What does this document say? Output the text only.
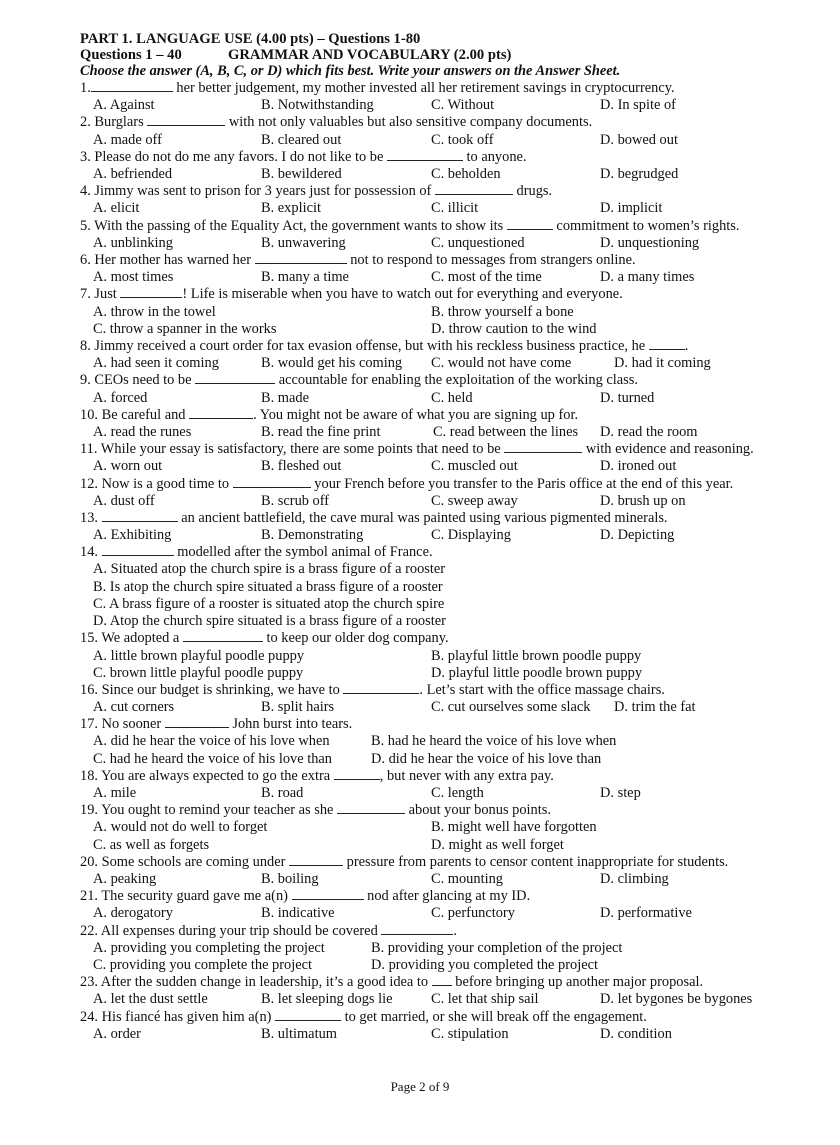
PART 1. LANGUAGE USE (4.00 pts) – Questions 1-80
Questions 1 – 40	GRAMMAR AND VOCABULARY (2.00 pts)
Choose the answer (A, B, C, or D) which fits best. Write your answers on the Answer Sheet.
1.	her better judgement, my mother invested all her retirement savings in cryptocurrency.
A. Against	B. Notwithstanding	C. Without	D. In spite of
2. Burglars	with not only valuables but also sensitive company documents.
A. made off	B. cleared out	C. took off	D. bowed out
3. Please do not do me any favors. I do not like to be	to anyone.
A. befriended	B. bewildered	C. beholden	D. begrudged
4. Jimmy was sent to prison for 3 years just for possession of	drugs.
A. elicit	B. explicit	C. illicit	D. implicit
5. With the passing of the Equality Act, the government wants to show its	commitment to women’s rights.
A. unblinking	B. unwavering	C. unquestioned	D. unquestioning
6. Her mother has warned her	not to respond to messages from strangers online.
A. most times	B. many a time	C. most of the time	D. a many times
7. Just	! Life is miserable when you have to watch out for everything and everyone.
A. throw in the towel	B. throw yourself a bone
C. throw a spanner in the works	D. throw caution to the wind
8. Jimmy received a court order for tax evasion offense, but with his reckless business practice, he	.
A. had seen it coming	B. would get his coming C. would not have come	D. had it coming
9. CEOs need to be	accountable for enabling the exploitation of the working class.
A. forced	B. made	C. held	D. turned
10. Be careful and	. You might not be aware of what you are signing up for.
A. read the runes	B. read the fine print	C. read between the lines D. read the room
11. While your essay is satisfactory, there are some points that need to be	with evidence and reasoning.
A. worn out	B. fleshed out	C. muscled out	D. ironed out
12. Now is a good time to	your French before you transfer to the Paris office at the end of this year.
A. dust off	B. scrub off	C. sweep away	D. brush up on
13.	an ancient battlefield, the cave mural was painted using various pigmented minerals.
A. Exhibiting	B. Demonstrating	C. Displaying	D. Depicting
14.	modelled after the symbol animal of France.
A. Situated atop the church spire is a brass figure of a rooster
B. Is atop the church spire situated a brass figure of a rooster
C. A brass figure of a rooster is situated atop the church spire
D. Atop the church spire situated is a brass figure of a rooster
15. We adopted a	to keep our older dog company.
A. little brown playful poodle puppy	B. playful little brown poodle puppy
C. brown little playful poodle puppy	D. playful little poodle brown puppy
16. Since our budget is shrinking, we have to	. Let’s start with the office massage chairs.
A. cut corners	B. split hairs	C. cut ourselves some slack D. trim the fat
17. No sooner	John burst into tears.
A. did he hear the voice of his love when	B. had he heard the voice of his love when
C. had he heard the voice of his love than	D. did he hear the voice of his love than
18. You are always expected to go the extra	, but never with any extra pay.
A. mile	B. road	C. length	D. step
19. You ought to remind your teacher as she	about your bonus points.
A. would not do well to forget	B. might well have forgotten
C. as well as forgets	D. might as well forget
20. Some schools are coming under	pressure from parents to censor content inappropriate for students.
A. peaking	B. boiling	C. mounting	D. climbing
21. The security guard gave me a(n)	nod after glancing at my ID.
A. derogatory	B. indicative	C. perfunctory	D. performative
22. All expenses during your trip should be covered	.
A. providing you completing the project	B. providing your completion of the project
C. providing you complete the project	D. providing you completed the project
23. After the sudden change in leadership, it’s a good idea to  before bringing up another major proposal.
A. let the dust settle	B. let sleeping dogs lie	C. let that ship sail	D. let bygones be bygones
24. His fiancé has given him a(n)	to get married, or she will break off the engagement.
A. order	B. ultimatum	C. stipulation	D. condition
Page 2 of 9
